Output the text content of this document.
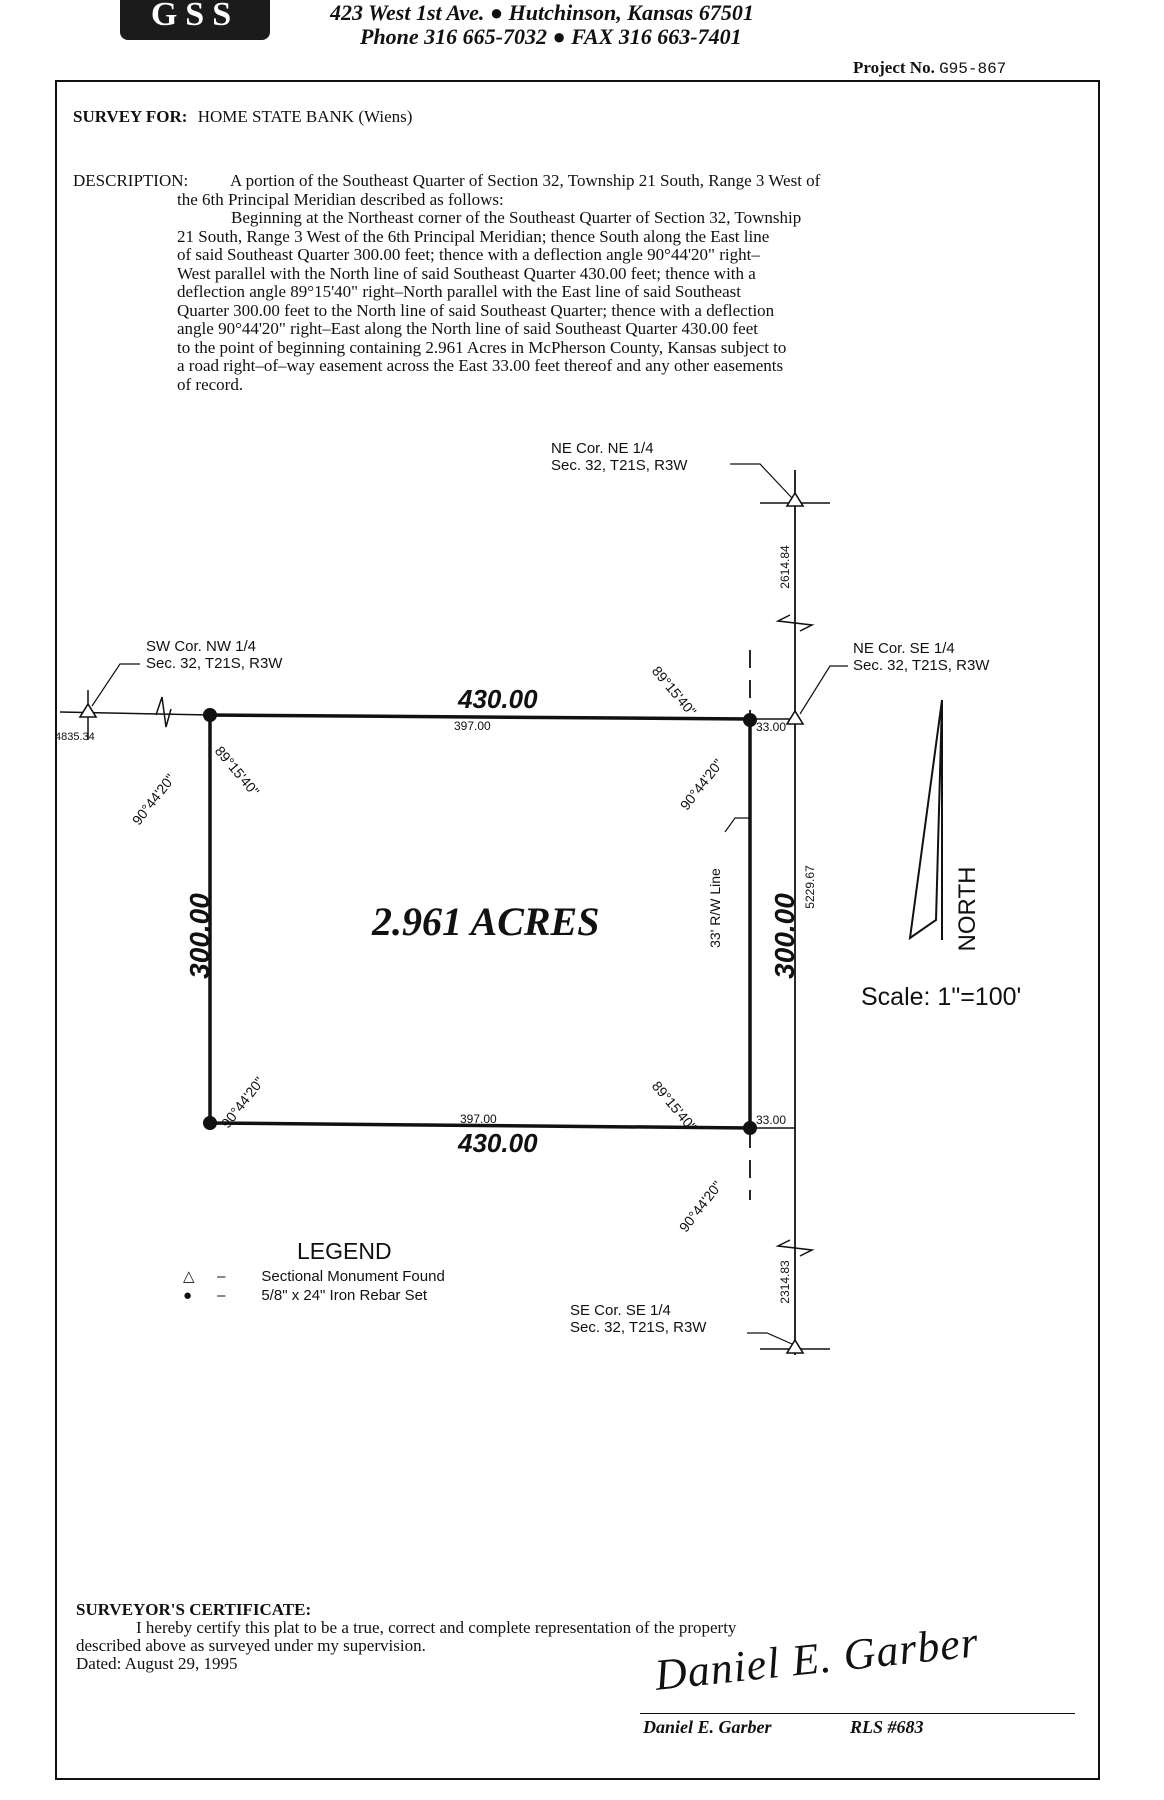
GSS	423 West 1st Ave. ● Hutchinson, Kansas 67501
Phone 316 665-7032 ● FAX 316 663-7401
Project No. G95-867
SURVEY FOR: HOME STATE BANK (Wiens)
DESCRIPTION: A portion of the Southeast Quarter of Section 32, Township 21 South, Range 3 West of
the 6th Principal Meridian described as follows:
Beginning at the Northeast corner of the Southeast Quarter of Section 32, Township
21 South, Range 3 West of the 6th Principal Meridian; thence South along the East line
of said Southeast Quarter 300.00 feet; thence with a deflection angle 90°44'20" right–
West parallel with the North line of said Southeast Quarter 430.00 feet; thence with a
deflection angle 89°15'40" right–North parallel with the East line of said Southeast
Quarter 300.00 feet to the North line of said Southeast Quarter; thence with a deflection
angle 90°44'20" right–East along the North line of said Southeast Quarter 430.00 feet
to the point of beginning containing 2.961 Acres in McPherson County, Kansas subject to
a road right–of–way easement across the East 33.00 feet thereof and any other easements
of record.
NE Cor. NE 1/4
Sec. 32, T21S, R3W
SW Cor. NW 1/4
Sec. 32, T21S, R3W
NE Cor. SE 1/4
Sec. 32, T21S, R3W
SE Cor. SE 1/4
Sec. 32, T21S, R3W
430.00
397.00
430.00
397.00
33.00
33.00
300.00	300.00
2.961 ACRES	33' R/W Line
4835.34
2614.84
5229.67
2314.83
89°15'40"
89°15'40"
89°15'40"
90°44'20"	90°44'20"
90°44'20"
90°44'20"
NORTH
Scale: 1"=100'
LEGEND
△ – Sectional Monument Found
● – 5/8" x 24" Iron Rebar Set
SURVEYOR'S CERTIFICATE:
I hereby certify this plat to be a true, correct and complete representation of the property
described above as surveyed under my supervision.
Dated: August 29, 1995	Daniel E. Garber
Daniel E. Garber	RLS #683
